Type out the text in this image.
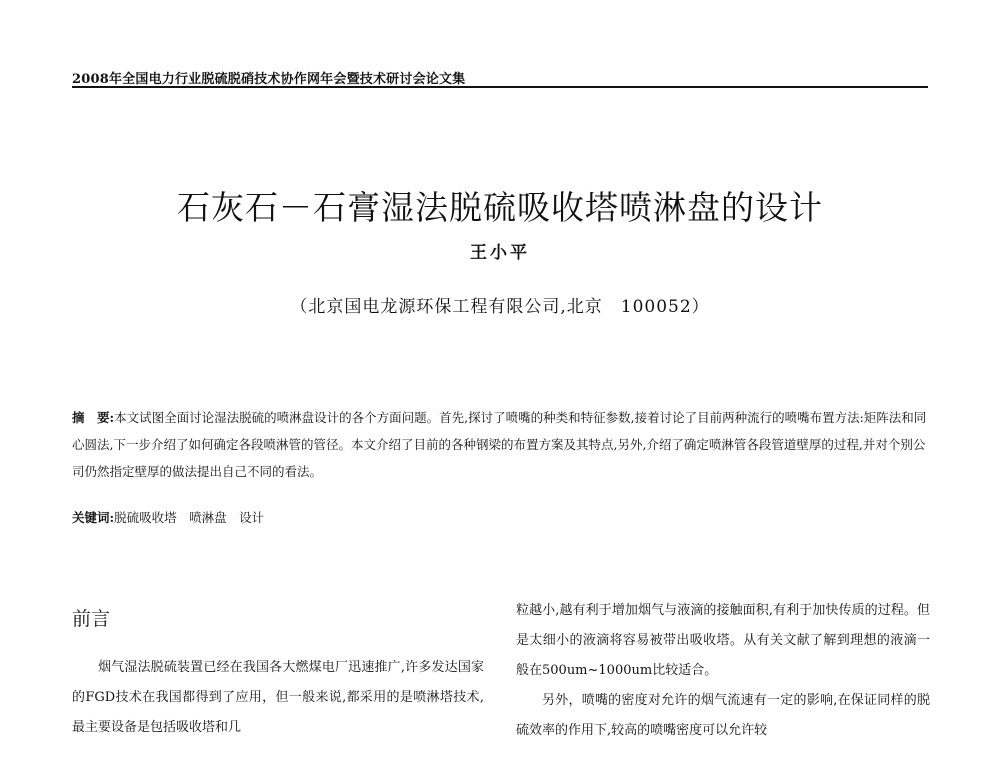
2008年全国电力行业脱硫脱硝技术协作网年会暨技术研讨会论文集
石灰石－石膏湿法脱硫吸收塔喷淋盘的设计
王小平
（北京国电龙源环保工程有限公司,北京　100052）
摘　要:本文试图全面讨论湿法脱硫的喷淋盘设计的各个方面问题。首先,探讨了喷嘴的种类和特征参数,接着讨论了目前两种流行的喷嘴布置方法:矩阵法和同心圆法,下一步介绍了如何确定各段喷淋管的管径。本文介绍了目前的各种钢梁的布置方案及其特点,另外,介绍了确定喷淋管各段管道壁厚的过程,并对个别公司仍然指定壁厚的做法提出自己不同的看法。
关键词:脱硫吸收塔　喷淋盘　设计
前言
烟气湿法脱硫装置已经在我国各大燃煤电厂迅速推广,许多发达国家的FGD技术在我国都得到了应用，但一般来说,都采用的是喷淋塔技术,最主要设备是包括吸收塔和几

粒越小,越有利于增加烟气与液滴的接触面积,有利于加快传质的过程。但是太细小的液滴将容易被带出吸收塔。从有关文献了解到理想的液滴一般在500um~1000um比较适合。

另外，喷嘴的密度对允许的烟气流速有一定的影响,在保证同样的脱硫效率的作用下,较高的喷嘴密度可以允许较
